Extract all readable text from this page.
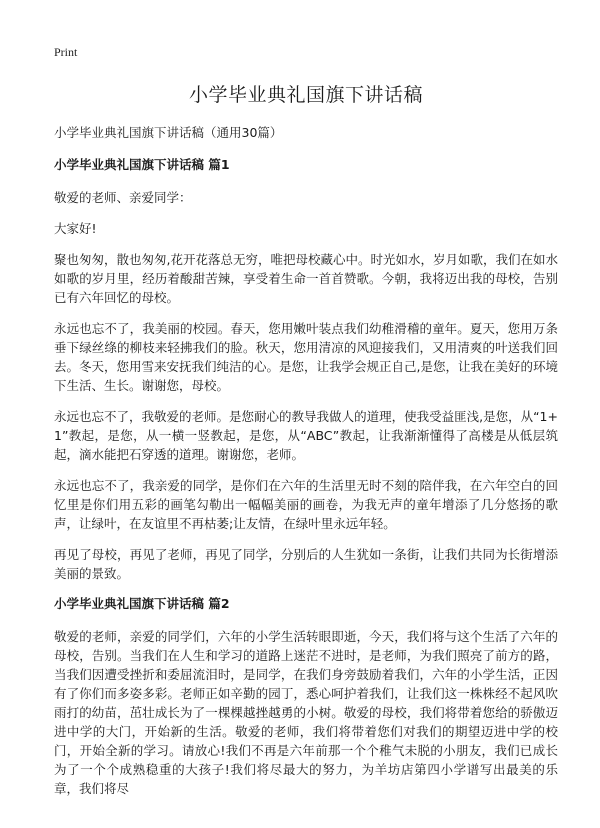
Print
小学毕业典礼国旗下讲话稿
小学毕业典礼国旗下讲话稿（通用30篇）
小学毕业典礼国旗下讲话稿 篇1

敬爱的老师、亲爱同学：

大家好!

聚也匆匆，散也匆匆,花开花落总无穷，唯把母校藏心中。时光如水，岁月如歌，我们在如水如歌的岁月里，经历着酸甜苦辣，享受着生命一首首赞歌。今朝，我将迈出我的母校，告别已有六年回忆的母校。

永远也忘不了，我美丽的校园。春天，您用嫩叶装点我们幼稚滑稽的童年。夏天，您用万条垂下绿丝绦的柳枝来轻拂我们的脸。秋天，您用清凉的风迎接我们，又用清爽的叶送我们回去。冬天，您用雪来安抚我们纯洁的心。是您，让我学会规正自己,是您，让我在美好的环境下生活、生长。谢谢您，母校。

永远也忘不了，我敬爱的老师。是您耐心的教导我做人的道理，使我受益匪浅,是您，从“1+1”教起，是您，从一横一竖教起，是您，从“ABC”教起，让我渐渐懂得了高楼是从低层筑起，滴水能把石穿透的道理。谢谢您，老师。

永远也忘不了，我亲爱的同学，是你们在六年的生活里无时不刻的陪伴我，在六年空白的回忆里是你们用五彩的画笔勾勒出一幅幅美丽的画卷，为我无声的童年增添了几分悠扬的歌声，让绿叶，在友谊里不再枯萎;让友情，在绿叶里永远年轻。

再见了母校，再见了老师，再见了同学，分别后的人生犹如一条街，让我们共同为长街增添美丽的景致。

小学毕业典礼国旗下讲话稿 篇2

敬爱的老师，亲爱的同学们，六年的小学生活转眼即逝，今天，我们将与这个生活了六年的母校，告别。当我们在人生和学习的道路上迷茫不进时，是老师，为我们照亮了前方的路，当我们因遭受挫折和委屈流泪时，是同学，在我们身旁鼓励着我们，六年的小学生活，正因有了你们而多姿多彩。老师正如辛勤的园丁，悉心呵护着我们，让我们这一株株经不起风吹雨打的幼苗，茁壮成长为了一棵棵越挫越勇的小树。敬爱的母校，我们将带着您给的骄傲迈进中学的大门，开始新的生活。敬爱的老师，我们将带着您们对我们的期望迈进中学的校门，开始全新的学习。请放心!我们不再是六年前那一个个稚气未脱的小朋友，我们已成长为了一个个成熟稳重的大孩子!我们将尽最大的努力，为羊坊店第四小学谱写出最美的乐章，我们将尽
